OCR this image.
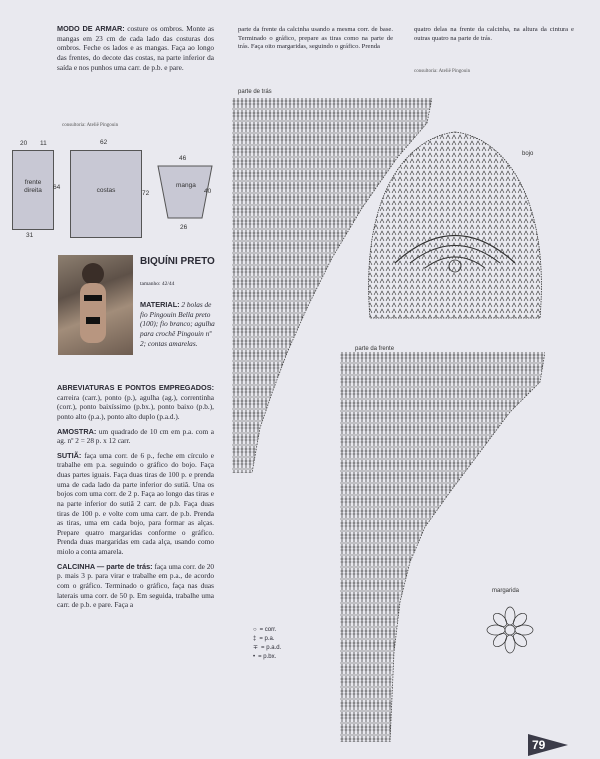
MODO DE ARMAR: costure os ombros. Monte as mangas em 23 cm de cada lado das costuras dos ombros. Feche os lados e as mangas. Faça ao longo das frentes, do decote das costas, na parte inferior da saída e nos punhos uma carr. de p.b. e pare.
consultoria: Ateliê Pingouin
frente direita
20 11
64
31
costas
62
72
manga
46
40
26
BIQUÍNI PRETO
tamanho: 42/44
MATERIAL: 2 bolas de fio Pingouin Bella preto (100); fio branco; agulha para crochê Pingouin nº 2; contas amarelas.
ABREVIATURAS E PONTOS EMPREGADOS: carreira (carr.), ponto (p.), agulha (ag.), correntinha (corr.), ponto baixíssimo (p.bx.), ponto baixo (p.b.), ponto alto (p.a.), ponto alto duplo (p.a.d.).
AMOSTRA: um quadrado de 10 cm em p.a. com a ag. nº 2 = 28 p. x 12 carr.
SUTIÃ: faça uma corr. de 6 p., feche em círculo e trabalhe em p.a. seguindo o gráfico do bojo. Faça duas partes iguais. Faça duas tiras de 100 p. e prenda uma de cada lado da parte inferior do sutiã. Una os bojos com uma corr. de 2 p. Faça ao longo das tiras e na parte inferior do sutiã 2 carr. de p.b. Faça duas tiras de 100 p. e volte com uma carr. de p.b. Prenda as tiras, uma em cada bojo, para formar as alças. Prepare quatro margaridas conforme o gráfico. Prenda duas margaridas em cada alça, usando como miolo a conta amarela.
CALCINHA — parte de trás: faça uma corr. de 20 p. mais 3 p. para virar e trabalhe em p.a., de acordo com o gráfico. Terminado o gráfico, faça nas duas laterais uma corr. de 50 p. Em seguida, trabalhe uma carr. de p.b. e pare. Faça a
parte da frente da calcinha usando a mesma corr. de base. Terminado o gráfico, prepare as tiras como na parte de trás. Faça oito margaridas, seguindo o gráfico. Prenda
quatro delas na frente da calcinha, na altura da cintura e outras quatro na parte de trás.
consultoria: Ateliê Pingouin
parte de trás
bojo
parte da frente
margarida
○ = corr.
‡ = p.a.
∓ = p.a.d.
• = p.bx.
79
